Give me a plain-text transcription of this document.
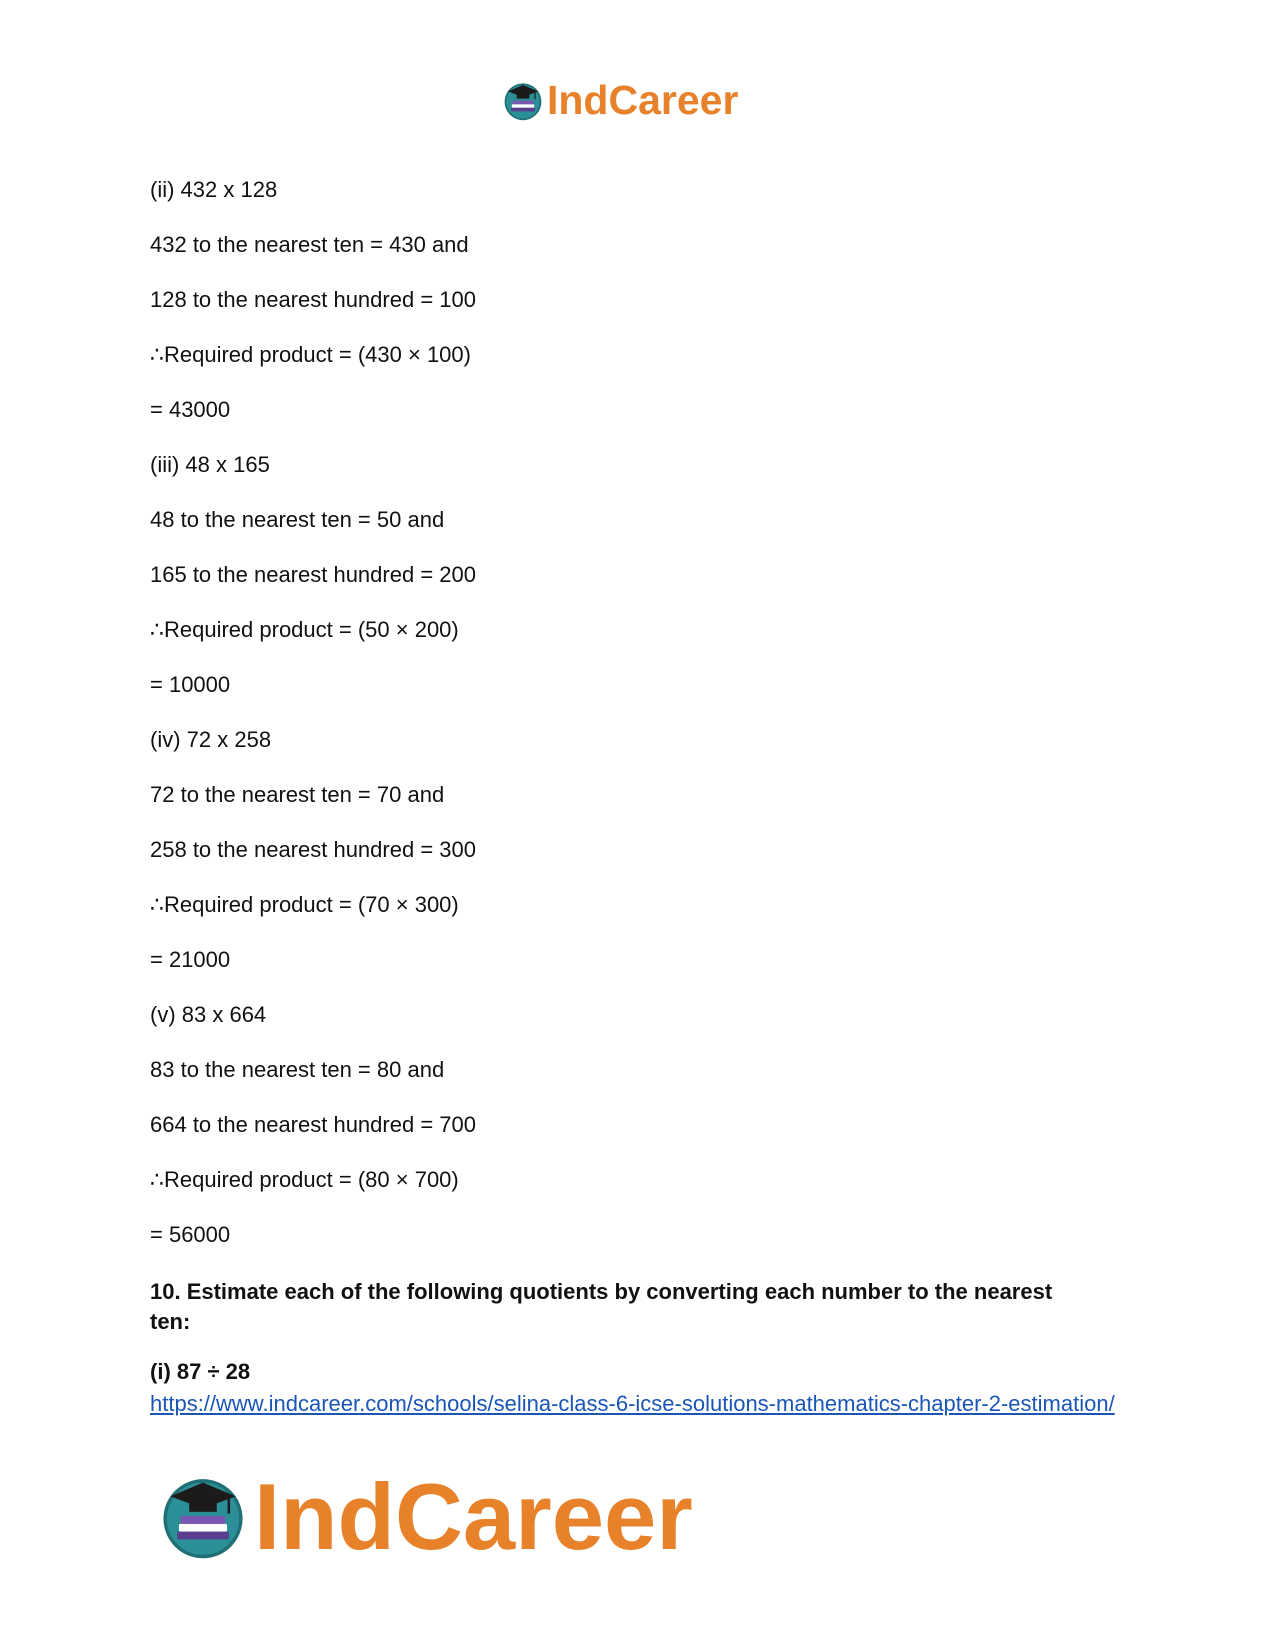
IndCareer
(ii) 432 x 128
432 to the nearest ten = 430 and
128 to the nearest hundred = 100
∴Required product = (430 × 100)
= 43000
(iii) 48 x 165
48 to the nearest ten = 50 and
165 to the nearest hundred = 200
∴Required product = (50 × 200)
= 10000
(iv) 72 x 258
72 to the nearest ten = 70 and
258 to the nearest hundred = 300
∴Required product = (70 × 300)
= 21000
(v) 83 x 664
83 to the nearest ten = 80 and
664 to the nearest hundred = 700
∴Required product = (80 × 700)
= 56000
10. Estimate each of the following quotients by converting each number to the nearest ten:
(i) 87 ÷ 28
https://www.indcareer.com/schools/selina-class-6-icse-solutions-mathematics-chapter-2-estimation/
IndCareer
